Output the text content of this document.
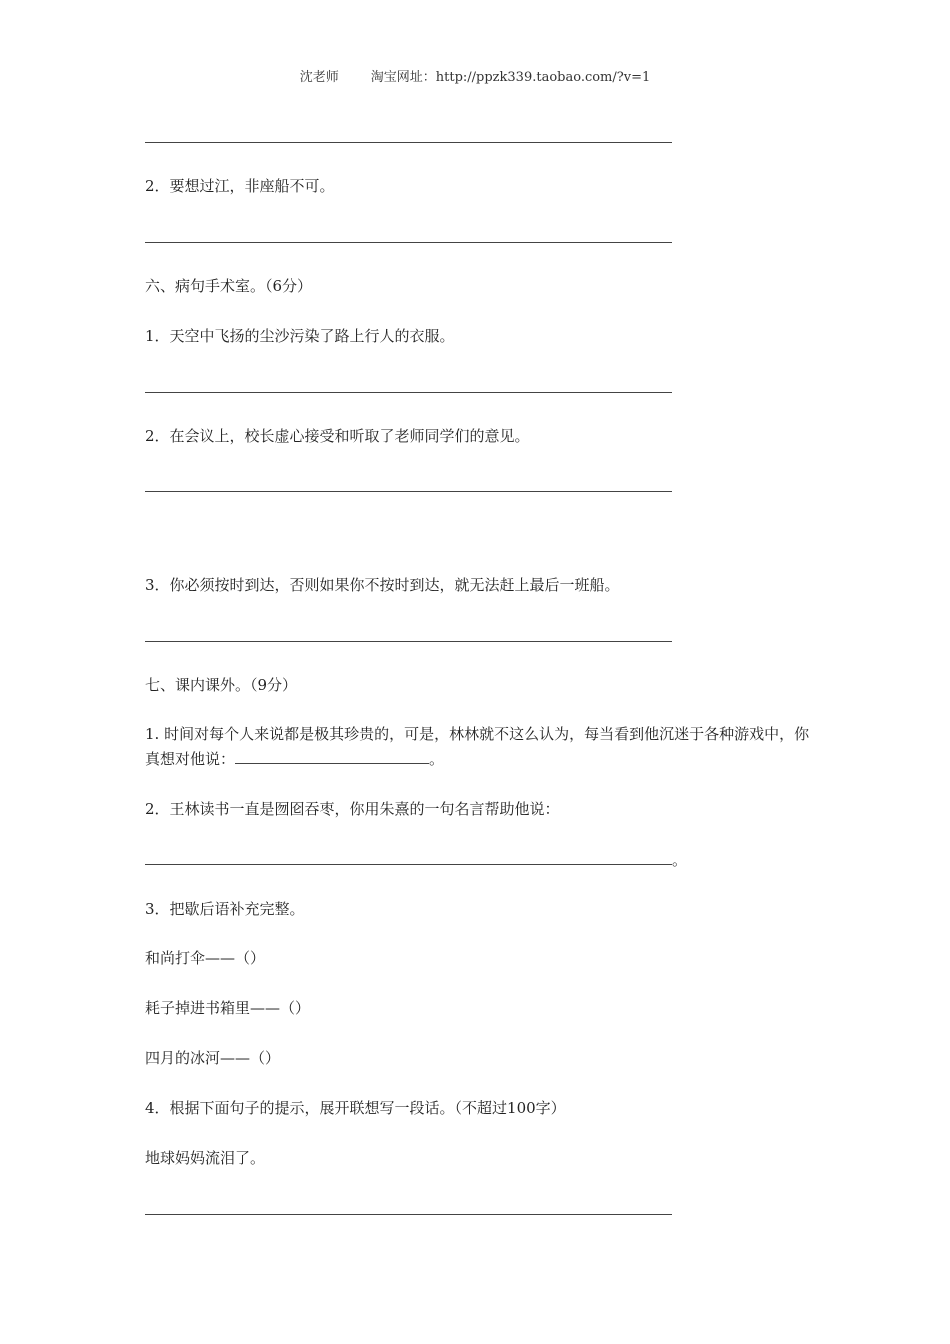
沈老师 淘宝网址：http://ppzk339.taobao.com/?v=1
2．要想过江，非座船不可。
六、病句手术室。（6分）
1．天空中飞扬的尘沙污染了路上行人的衣服。
2．在会议上，校长虚心接受和听取了老师同学们的意见。
3．你必须按时到达，否则如果你不按时到达，就无法赶上最后一班船。
七、课内课外。（9分）
1. 时间对每个人来说都是极其珍贵的，可是，林林就不这么认为，每当看到他沉迷于各种游戏中，你真想对他说：	。
2．王林读书一直是囫囵吞枣，你用朱熹的一句名言帮助他说：
。
3．把歇后语补充完整。
和尚打伞——（）
耗子掉进书箱里——（）
四月的冰河——（）
4．根据下面句子的提示，展开联想写一段话。（不超过100字）
地球妈妈流泪了。
